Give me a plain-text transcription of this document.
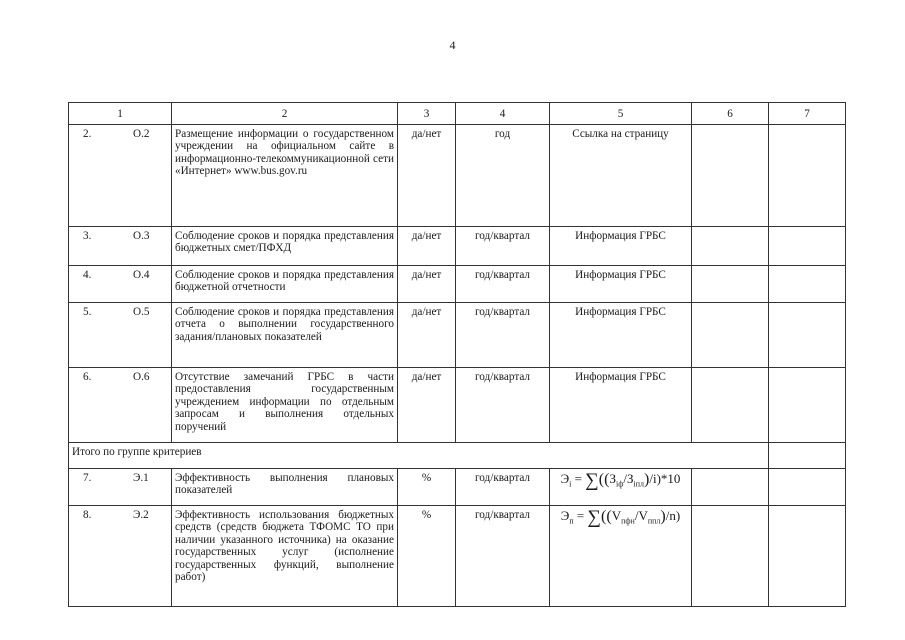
4
1	2	3	4	5	6	7

2. О.2	Размещение информации о государственном учреждении на официальном сайте в информационно-телекоммуникационной сети «Интернет» www.bus.gov.ru	да/нет	год	Ссылка на страницу		

3. О.3	Соблюдение сроков и порядка представления бюджетных смет/ПФХД	да/нет	год/квартал	Информация ГРБС		

4. О.4	Соблюдение сроков и порядка представления бюджетной отчетности	да/нет	год/квартал	Информация ГРБС		

5. О.5	Соблюдение сроков и порядка представления отчета о выполнении государственного задания/плановых показателей	да/нет	год/квартал	Информация ГРБС		

6. О.6	Отсутствие замечаний ГРБС в части предоставления государственным учреждением информации по отдельным запросам и выполнения отдельных поручений	да/нет	год/квартал	Информация ГРБС		
Итого по группе критериев						

7. Э.1	Эффективность выполнения плановых показателей	%	год/квартал	$Э_i = \sum((З_{iф}/З_{iпл})/i)*10$		

8. Э.2	Эффективность использования бюджетных средств (средств бюджета ТФОМС ТО при наличии указанного источника) на оказание государственных услуг (исполнение государственных функций, выполнение работ)	%	год/квартал	$Э_п = \sum((V_{пфн}/V_{ппл})/n)$		
